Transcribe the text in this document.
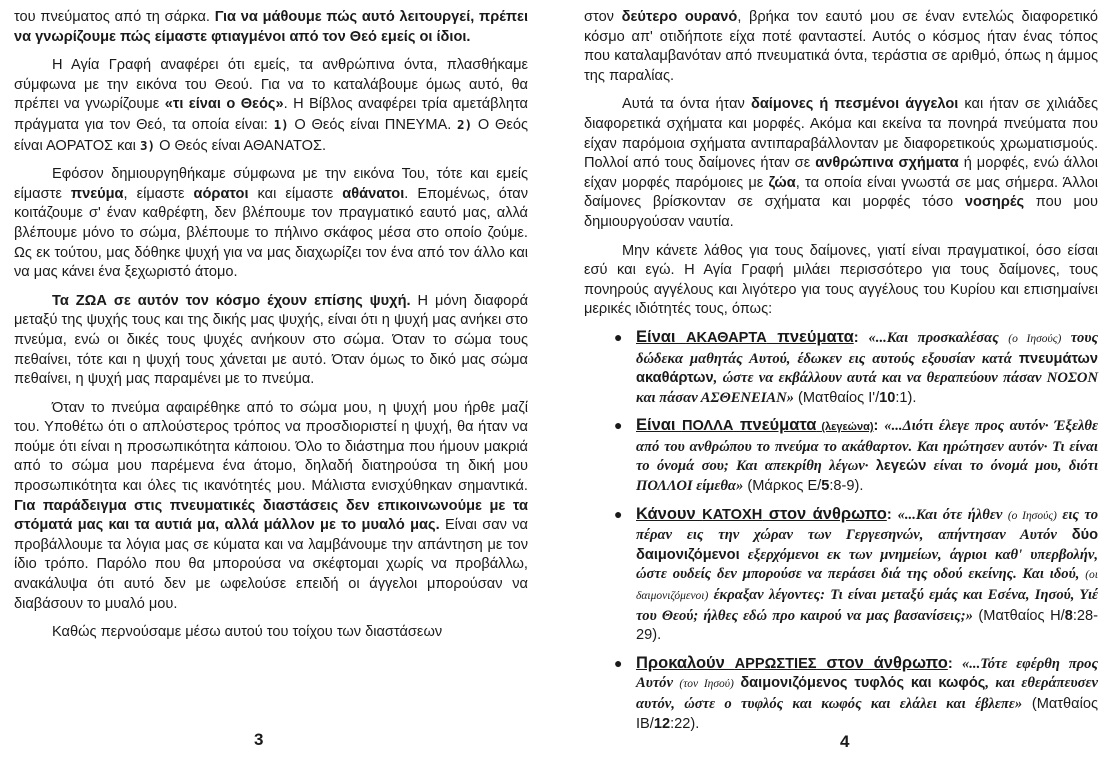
του πνεύματος από τη σάρκα. Για να μάθουμε πώς αυτό λειτουργεί, πρέπει να γνωρίζουμε πώς είμαστε φτιαγμένοι από τον Θεό εμείς οι ίδιοι.

Η Αγία Γραφή αναφέρει ότι εμείς, τα ανθρώπινα όντα, πλασθήκαμε σύμφωνα με την εικόνα του Θεού. Για να το καταλάβουμε όμως αυτό, θα πρέπει να γνωρίζουμε «τι είναι ο Θεός». Η Βίβλος αναφέρει τρία αμετάβλητα πράγματα για τον Θεό, τα οποία είναι: 1) Ο Θεός είναι ΠΝΕΥΜΑ. 2) Ο Θεός είναι ΑΟΡΑΤΟΣ και 3) Ο Θεός είναι ΑΘΑΝΑΤΟΣ.

Εφόσον δημιουργηθήκαμε σύμφωνα με την εικόνα Του, τότε και εμείς είμαστε πνεύμα, είμαστε αόρατοι και είμαστε αθάνατοι. Επομένως, όταν κοιτάζουμε σ' έναν καθρέφτη, δεν βλέπουμε τον πραγματικό εαυτό μας, αλλά βλέπουμε μόνο το σώμα, βλέπουμε το πήλινο σκάφος μέσα στο οποίο ζούμε. Ως εκ τούτου, μας δόθηκε ψυχή για να μας διαχωρίζει τον ένα από τον άλλο και να μας κάνει ένα ξεχωριστό άτομο.

Τα ΖΩΑ σε αυτόν τον κόσμο έχουν επίσης ψυχή. Η μόνη διαφορά μεταξύ της ψυχής τους και της δικής μας ψυχής, είναι ότι η ψυχή μας ανήκει στο πνεύμα, ενώ οι δικές τους ψυχές ανήκουν στο σώμα. Όταν το σώμα τους πεθαίνει, τότε και η ψυχή τους χάνεται με αυτό. Όταν όμως το δικό μας σώμα πεθαίνει, η ψυχή μας παραμένει με το πνεύμα.

Όταν το πνεύμα αφαιρέθηκε από το σώμα μου, η ψυχή μου ήρθε μαζί του. Υποθέτω ότι ο απλούστερος τρόπος να προσδιοριστεί η ψυχή, θα ήταν να πούμε ότι είναι η προσωπικότητα κάποιου. Όλο το διάστημα που ήμουν μακριά από το σώμα μου παρέμενα ένα άτομο, δηλαδή διατηρούσα τη δική μου προσωπικότητα και όλες τις ικανότητές μου. Μάλιστα ενισχύθηκαν σημαντικά. Για παράδειγμα στις πνευματικές διαστάσεις δεν επικοινωνούμε με τα στόματά μας και τα αυτιά μα, αλλά μάλλον με το μυαλό μας. Είναι σαν να προβάλλουμε τα λόγια μας σε κύματα και να λαμβάνουμε την απάντηση με τον ίδιο τρόπο. Παρόλο που θα μπορούσα να σκέφτομαι χωρίς να προβάλλω, ανακάλυψα ότι αυτό δεν με ωφελούσε επειδή οι άγγελοι μπορούσαν να διαβάσουν το μυαλό μου.

Καθώς περνούσαμε μέσω αυτού του τοίχου των διαστάσεων

3

στον δεύτερο ουρανό, βρήκα τον εαυτό μου σε έναν εντελώς διαφορετικό κόσμο απ' οτιδήποτε είχα ποτέ φανταστεί. Αυτός ο κόσμος ήταν ένας τόπος που καταλαμβανόταν από πνευματικά όντα, τεράστια σε αριθμό, όπως η άμμος της παραλίας.

Αυτά τα όντα ήταν δαίμονες ή πεσμένοι άγγελοι και ήταν σε χιλιάδες διαφορετικά σχήματα και μορφές. Ακόμα και εκείνα τα πονηρά πνεύματα που είχαν παρόμοια σχήματα αντιπαραβάλλονταν με διαφορετικούς χρωματισμούς. Πολλοί από τους δαίμονες ήταν σε ανθρώπινα σχήματα ή μορφές, ενώ άλλοι είχαν μορφές παρόμοιες με ζώα, τα οποία είναι γνωστά σε μας σήμερα. Άλλοι δαίμονες βρίσκονταν σε σχήματα και μορφές τόσο νοσηρές που μου δημιουργούσαν ναυτία.

Μην κάνετε λάθος για τους δαίμονες, γιατί είναι πραγματικοί, όσο είσαι εσύ και εγώ. Η Αγία Γραφή μιλάει περισσότερο για τους δαίμονες, τους πονηρούς αγγέλους και λιγότερο για τους αγγέλους του Κυρίου και επισημαίνει μερικές ιδιότητές τους, όπως:

● Είναι ΑΚΑΘΑΡΤΑ πνεύματα: «...Και προσκαλέσας (ο Ιησούς) τους δώδεκα μαθητάς Αυτού, έδωκεν εις αυτούς εξουσίαν κατά πνευμάτων ακαθάρτων, ώστε να εκβάλλουν αυτά και να θεραπεύουν πάσαν ΝΟΣΟΝ και πάσαν ΑΣΘΕΝΕΙΑΝ» (Ματθαίος Ι'/10:1).

● Είναι ΠΟΛΛΑ πνεύματα (λεγεώνα): «...Διότι έλεγε προς αυτόν· Έξελθε από του ανθρώπου το πνεύμα το ακάθαρτον. Και ηρώτησεν αυτόν· Τι είναι το όνομά σου; Και απεκρίθη λέγων· λεγεών είναι το όνομά μου, διότι ΠΟΛΛΟΙ είμεθα» (Μάρκος Ε/5:8-9).

● Κάνουν ΚΑΤΟΧΗ στον άνθρωπο: «...Και ότε ήλθεν (ο Ιησούς) εις το πέραν εις την χώραν των Γεργεσηνών, απήντησαν Αυτόν δύο δαιμονιζόμενοι εξερχόμενοι εκ των μνημείων, άγριοι καθ' υπερβολήν, ώστε ουδείς δεν μπορούσε να περάσει διά της οδού εκείνης. Και ιδού, (οι δαιμονιζόμενοι) έκραξαν λέγοντες: Τι είναι μεταξύ εμάς και Εσένα, Ιησού, Υιέ του Θεού; ήλθες εδώ προ καιρού να μας βασανίσεις;» (Ματθαίος Η/8:28-29).

● Προκαλούν ΑΡΡΩΣΤΙΕΣ στον άνθρωπο: «...Τότε εφέρθη προς Αυτόν (τον Ιησού) δαιμονιζόμενος τυφλός και κωφός, και εθεράπευσεν αυτόν, ώστε ο τυφλός και κωφός και ελάλει και έβλεπε» (Ματθαίος ΙΒ/12:22).

4
